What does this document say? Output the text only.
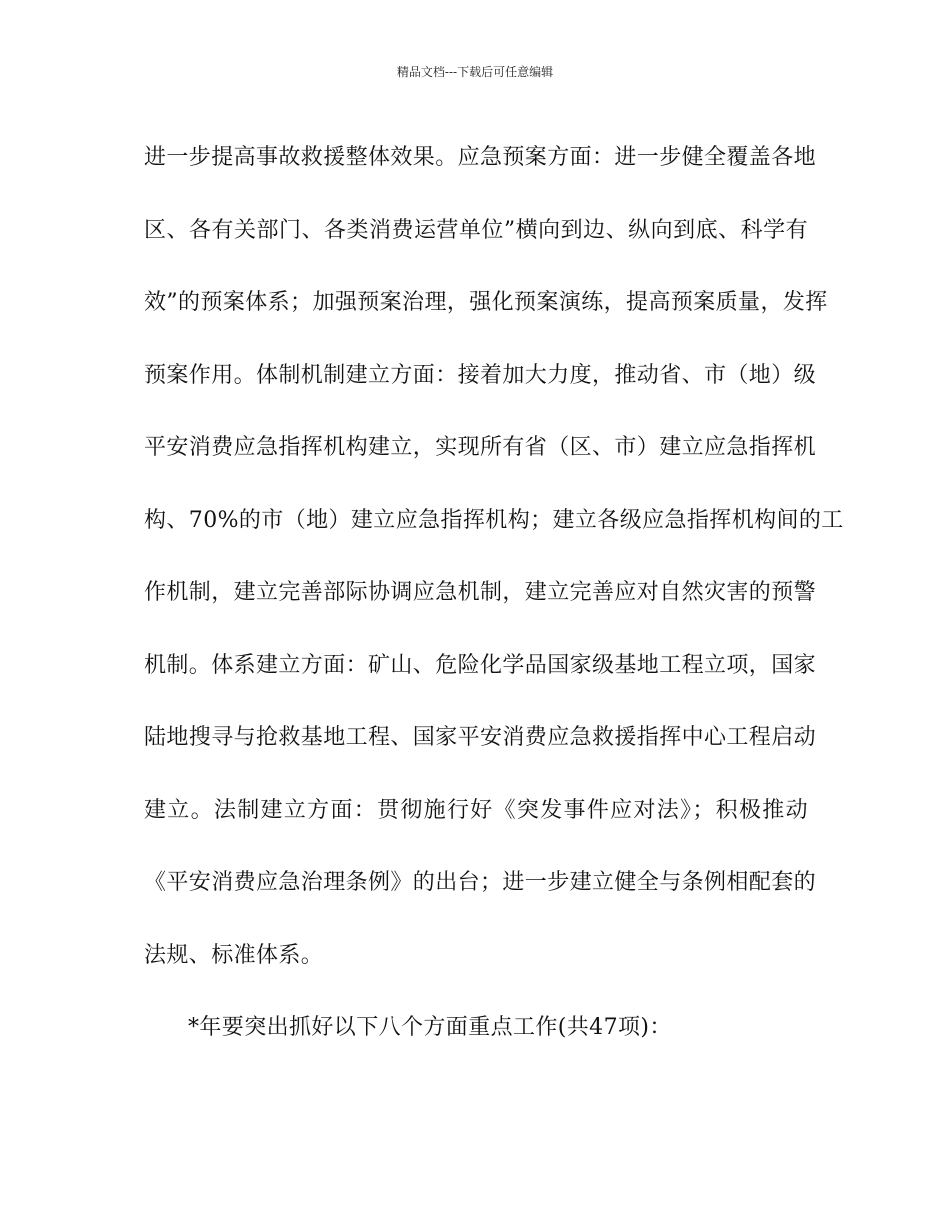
精品文档---下载后可任意编辑
进一步提高事故救援整体效果。应急预案方面：进一步健全覆盖各地
区、各有关部门、各类消费运营单位”横向到边、纵向到底、科学有
效”的预案体系；加强预案治理，强化预案演练，提高预案质量，发挥
预案作用。体制机制建立方面：接着加大力度，推动省、市（地）级
平安消费应急指挥机构建立，实现所有省（区、市）建立应急指挥机
构、70%的市（地）建立应急指挥机构；建立各级应急指挥机构间的工
作机制，建立完善部际协调应急机制，建立完善应对自然灾害的预警
机制。体系建立方面：矿山、危险化学品国家级基地工程立项，国家
陆地搜寻与抢救基地工程、国家平安消费应急救援指挥中心工程启动
建立。法制建立方面：贯彻施行好《突发事件应对法》；积极推动
《平安消费应急治理条例》的出台；进一步建立健全与条例相配套的
法规、标准体系。
*年要突出抓好以下八个方面重点工作(共47项)：
